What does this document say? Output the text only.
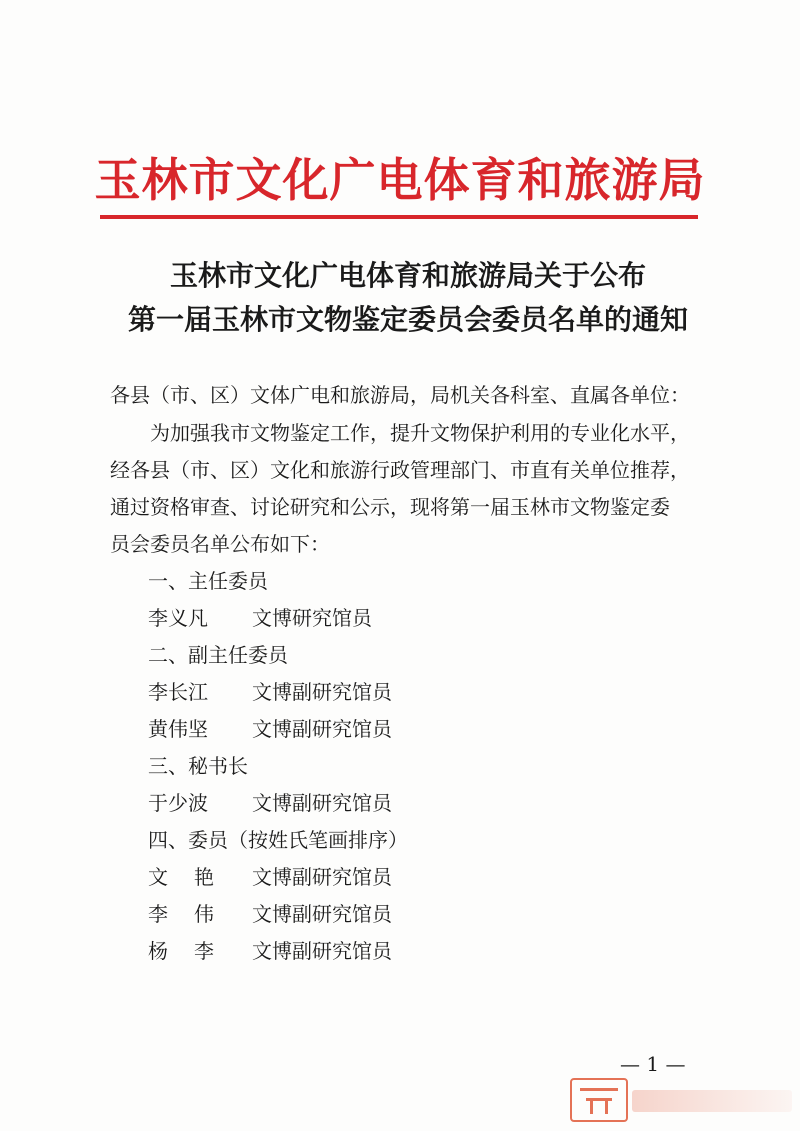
玉林市文化广电体育和旅游局
玉林市文化广电体育和旅游局关于公布
第一届玉林市文物鉴定委员会委员名单的通知
各县（市、区）文体广电和旅游局，局机关各科室、直属各单位：
为加强我市文物鉴定工作，提升文物保护利用的专业化水平，
经各县（市、区）文化和旅游行政管理部门、市直有关单位推荐，
通过资格审查、讨论研究和公示，现将第一届玉林市文物鉴定委
员会委员名单公布如下：
一、主任委员
李义凡 文博研究馆员
二、副主任委员
李长江 文博副研究馆员
黄伟坚 文博副研究馆员
三、秘书长
于少波 文博副研究馆员
四、委员（按姓氏笔画排序）
文艳 文博副研究馆员
李伟 文博副研究馆员
杨李 文博副研究馆员
— 1 —
